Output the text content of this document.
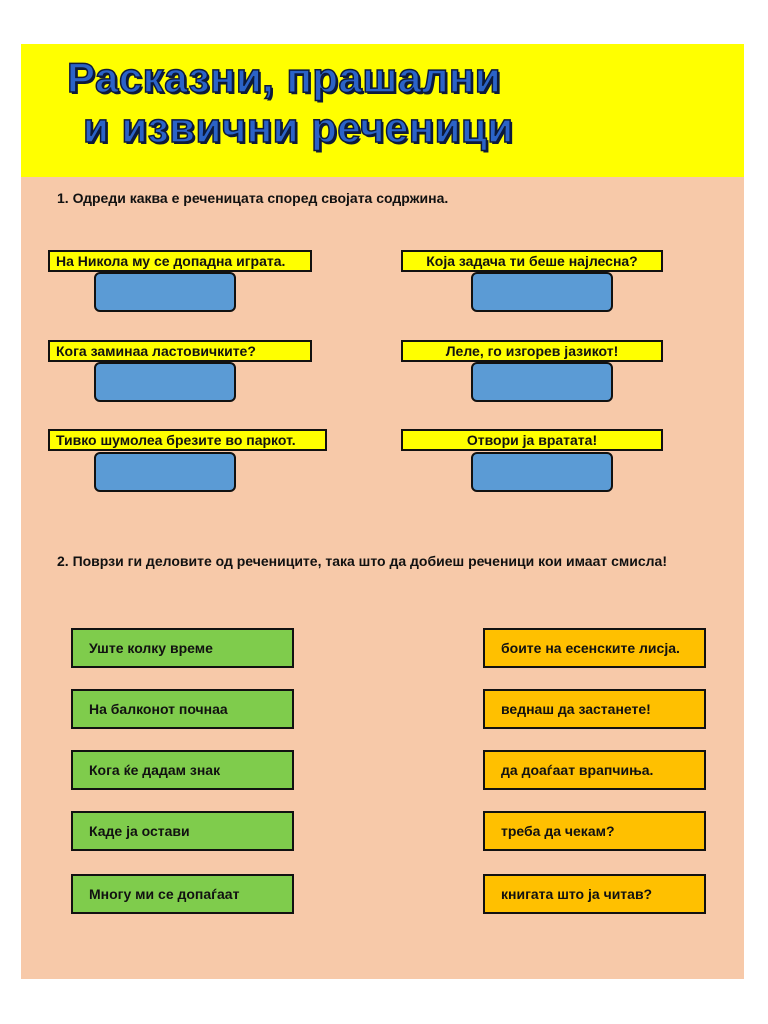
Расказни, прашални
и извични реченици

1. Одреди каква е реченицата според својата содржина.

На Никола му се допадна играта.	Која задача ти беше најлесна?
Кога заминаа ластовичките?	Леле, го изгорев јазикот!
Тивко шумолеа брезите во паркот.	Отвори ја вратата!

2. Поврзи ги деловите од речениците, така што да добиеш реченици кои имаат смисла!

Уште колку време
На балконот почнаа
Кога ќе дадам знак
Каде ја остави
Многу ми се допаѓаат
боите на есенските лисја.
веднаш да застанете!
да доаѓаат врапчиња.
треба да чекам?
книгата што ја читав?
